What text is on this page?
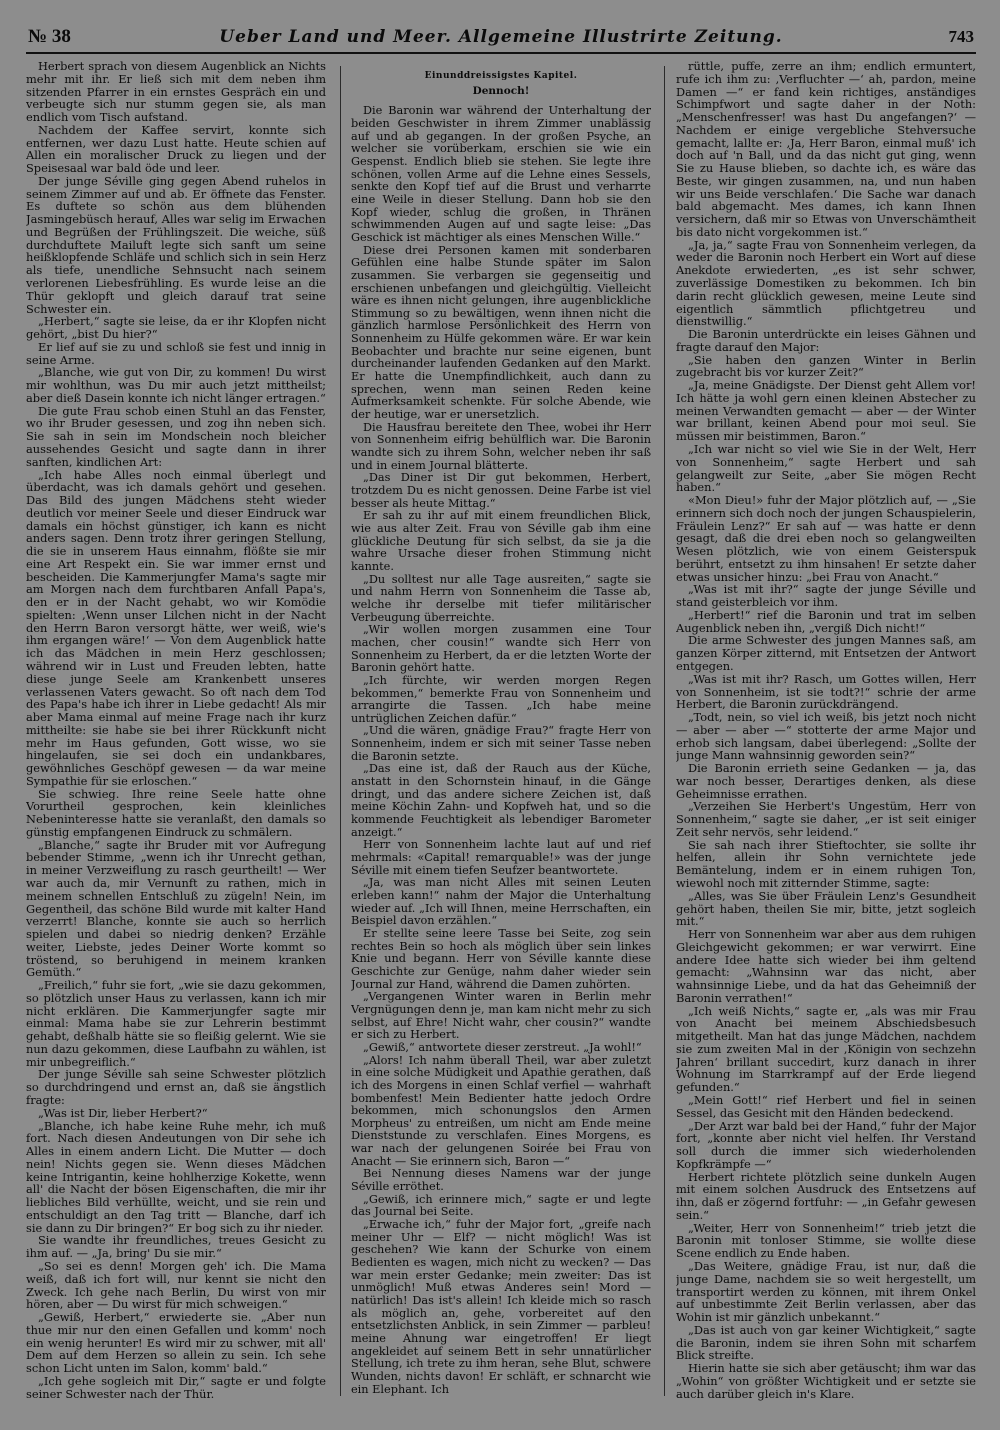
№ 38	Ueber Land und Meer. Allgemeine Illustrirte Zeitung.	743

Herbert sprach von diesem Augenblick an Nichts mehr mit ihr. Er ließ sich mit dem neben ihm sitzenden Pfarrer in ein ernstes Gespräch ein und verbeugte sich nur stumm gegen sie, als man endlich vom Tisch aufstand.

Nachdem der Kaffee servirt, konnte sich entfernen, wer dazu Lust hatte. Heute schien auf Allen ein moralischer Druck zu liegen und der Speisesaal war bald öde und leer.

Der junge Séville ging gegen Abend ruhelos in seinem Zimmer auf und ab. Er öffnete das Fenster. Es duftete so schön aus dem blühenden Jasmingebüsch herauf, Alles war selig im Erwachen und Begrüßen der Frühlingszeit. Die weiche, süß durchduftete Mailuft legte sich sanft um seine heißklopfende Schläfe und schlich sich in sein Herz als tiefe, unendliche Sehnsucht nach seinem verlorenen Liebesfrühling. Es wurde leise an die Thür geklopft und gleich darauf trat seine Schwester ein.

„Herbert,“ sagte sie leise, da er ihr Klopfen nicht gehört, „bist Du hier?“

Er lief auf sie zu und schloß sie fest und innig in seine Arme.

„Blanche, wie gut von Dir, zu kommen! Du wirst mir wohlthun, was Du mir auch jetzt mittheilst; aber dieß Dasein konnte ich nicht länger ertragen.“

Die gute Frau schob einen Stuhl an das Fenster, wo ihr Bruder gesessen, und zog ihn neben sich. Sie sah in sein im Mondschein noch bleicher aussehendes Gesicht und sagte dann in ihrer sanften, kindlichen Art:

„Ich habe Alles noch einmal überlegt und überdacht, was ich damals gehört und gesehen. Das Bild des jungen Mädchens steht wieder deutlich vor meiner Seele und dieser Eindruck war damals ein höchst günstiger, ich kann es nicht anders sagen. Denn trotz ihrer geringen Stellung, die sie in unserem Haus einnahm, flößte sie mir eine Art Respekt ein. Sie war immer ernst und bescheiden. Die Kammerjungfer Mama's sagte mir am Morgen nach dem furchtbaren Anfall Papa's, den er in der Nacht gehabt, wo wir Komödie spielten: ‚Wenn unser Lilchen nicht in der Nacht den Herrn Baron versorgt hätte, wer weiß, wie's ihm ergangen wäre!‘ — Von dem Augenblick hatte ich das Mädchen in mein Herz geschlossen; während wir in Lust und Freuden lebten, hatte diese junge Seele am Krankenbett unseres verlassenen Vaters gewacht. So oft nach dem Tod des Papa's habe ich ihrer in Liebe gedacht! Als mir aber Mama einmal auf meine Frage nach ihr kurz mittheilte: sie habe sie bei ihrer Rückkunft nicht mehr im Haus gefunden, Gott wisse, wo sie hingelaufen, sie sei doch ein undankbares, gewöhnliches Geschöpf gewesen — da war meine Sympathie für sie erloschen.“

Sie schwieg. Ihre reine Seele hatte ohne Vorurtheil gesprochen, kein kleinliches Nebeninteresse hatte sie veranlaßt, den damals so günstig empfangenen Eindruck zu schmälern.

„Blanche,“ sagte ihr Bruder mit vor Aufregung bebender Stimme, „wenn ich ihr Unrecht gethan, in meiner Verzweiflung zu rasch geurtheilt! — Wer war auch da, mir Vernunft zu rathen, mich in meinem schnellen Entschluß zu zügeln! Nein, im Gegentheil, das schöne Bild wurde mit kalter Hand verzerrt! Blanche, konnte sie auch so herrlich spielen und dabei so niedrig denken? Erzähle weiter, Liebste, jedes Deiner Worte kommt so tröstend, so beruhigend in meinem kranken Gemüth.“

„Freilich,“ fuhr sie fort, „wie sie dazu gekommen, so plötzlich unser Haus zu verlassen, kann ich mir nicht erklären. Die Kammerjungfer sagte mir einmal: Mama habe sie zur Lehrerin bestimmt gehabt, deßhalb hätte sie so fleißig gelernt. Wie sie nun dazu gekommen, diese Laufbahn zu wählen, ist mir unbegreiflich.“

Der junge Séville sah seine Schwester plötzlich so durchdringend und ernst an, daß sie ängstlich fragte:

„Was ist Dir, lieber Herbert?“

„Blanche, ich habe keine Ruhe mehr, ich muß fort. Nach diesen Andeutungen von Dir sehe ich Alles in einem andern Licht. Die Mutter — doch nein! Nichts gegen sie. Wenn dieses Mädchen keine Intrigantin, keine hohlherzige Kokette, wenn all' die Nacht der bösen Eigenschaften, die mir ihr liebliches Bild verhüllte, weicht, und sie rein und entschuldigt an den Tag tritt — Blanche, darf ich sie dann zu Dir bringen?“ Er bog sich zu ihr nieder.

Sie wandte ihr freundliches, treues Gesicht zu ihm auf. — „Ja, bring' Du sie mir.“

„So sei es denn! Morgen geh' ich. Die Mama weiß, daß ich fort will, nur kennt sie nicht den Zweck. Ich gehe nach Berlin, Du wirst von mir hören, aber — Du wirst für mich schweigen.“

„Gewiß, Herbert,“ erwiederte sie. „Aber nun thue mir nur den einen Gefallen und komm' noch ein wenig herunter! Es wird mir zu schwer, mit all' Dem auf dem Herzen so allein zu sein. Ich sehe schon Licht unten im Salon, komm' bald.“

„Ich gehe sogleich mit Dir,“ sagte er und folgte seiner Schwester nach der Thür.

Einunddreissigstes Kapitel.
Dennoch!

Die Baronin war während der Unterhaltung der beiden Geschwister in ihrem Zimmer unablässig auf und ab gegangen. In der großen Psyche, an welcher sie vorüberkam, erschien sie wie ein Gespenst. Endlich blieb sie stehen. Sie legte ihre schönen, vollen Arme auf die Lehne eines Sessels, senkte den Kopf tief auf die Brust und verharrte eine Weile in dieser Stellung. Dann hob sie den Kopf wieder, schlug die großen, in Thränen schwimmenden Augen auf und sagte leise: „Das Geschick ist mächtiger als eines Menschen Wille.“

Diese drei Personen kamen mit sonderbaren Gefühlen eine halbe Stunde später im Salon zusammen. Sie verbargen sie gegenseitig und erschienen unbefangen und gleichgültig. Vielleicht wäre es ihnen nicht gelungen, ihre augenblickliche Stimmung so zu bewältigen, wenn ihnen nicht die gänzlich harmlose Persönlichkeit des Herrn von Sonnenheim zu Hülfe gekommen wäre. Er war kein Beobachter und brachte nur seine eigenen, bunt durcheinander laufenden Gedanken auf den Markt. Er hatte die Unempfindlichkeit, auch dann zu sprechen, wenn man seinen Reden keine Aufmerksamkeit schenkte. Für solche Abende, wie der heutige, war er unersetzlich.

Die Hausfrau bereitete den Thee, wobei ihr Herr von Sonnenheim eifrig behülflich war. Die Baronin wandte sich zu ihrem Sohn, welcher neben ihr saß und in einem Journal blätterte.

„Das Diner ist Dir gut bekommen, Herbert, trotzdem Du es nicht genossen. Deine Farbe ist viel besser als heute Mittag.“

Er sah zu ihr auf mit einem freundlichen Blick, wie aus alter Zeit. Frau von Séville gab ihm eine glückliche Deutung für sich selbst, da sie ja die wahre Ursache dieser frohen Stimmung nicht kannte.

„Du solltest nur alle Tage ausreiten,“ sagte sie und nahm Herrn von Sonnenheim die Tasse ab, welche ihr derselbe mit tiefer militärischer Verbeugung überreichte.

„Wir wollen morgen zusammen eine Tour machen, cher cousin!“ wandte sich Herr von Sonnenheim zu Herbert, da er die letzten Worte der Baronin gehört hatte.

„Ich fürchte, wir werden morgen Regen bekommen,“ bemerkte Frau von Sonnenheim und arrangirte die Tassen. „Ich habe meine untrüglichen Zeichen dafür.“

„Und die wären, gnädige Frau?“ fragte Herr von Sonnenheim, indem er sich mit seiner Tasse neben die Baronin setzte.

„Das eine ist, daß der Rauch aus der Küche, anstatt in den Schornstein hinauf, in die Gänge dringt, und das andere sichere Zeichen ist, daß meine Köchin Zahn- und Kopfweh hat, und so die kommende Feuchtigkeit als lebendiger Barometer anzeigt.“

Herr von Sonnenheim lachte laut auf und rief mehrmals: «Capital! remarquable!» was der junge Séville mit einem tiefen Seufzer beantwortete.

„Ja, was man nicht Alles mit seinen Leuten erleben kann!“ nahm der Major die Unterhaltung wieder auf. „Ich will Ihnen, meine Herrschaften, ein Beispiel davon erzählen.“

Er stellte seine leere Tasse bei Seite, zog sein rechtes Bein so hoch als möglich über sein linkes Knie und begann. Herr von Séville kannte diese Geschichte zur Genüge, nahm daher wieder sein Journal zur Hand, während die Damen zuhörten.

„Vergangenen Winter waren in Berlin mehr Vergnügungen denn je, man kam nicht mehr zu sich selbst, auf Ehre! Nicht wahr, cher cousin?“ wandte er sich zu Herbert.

„Gewiß,“ antwortete dieser zerstreut. „Ja wohl!“

„Alors! Ich nahm überall Theil, war aber zuletzt in eine solche Müdigkeit und Apathie gerathen, daß ich des Morgens in einen Schlaf verfiel — wahrhaft bombenfest! Mein Bedienter hatte jedoch Ordre bekommen, mich schonungslos den Armen Morpheus' zu entreißen, um nicht am Ende meine Dienststunde zu verschlafen. Eines Morgens, es war nach der gelungenen Soirée bei Frau von Anacht — Sie erinnern sich, Baron —“

Bei Nennung dieses Namens war der junge Séville erröthet.

„Gewiß, ich erinnere mich,“ sagte er und legte das Journal bei Seite.

„Erwache ich,“ fuhr der Major fort, „greife nach meiner Uhr — Elf? — nicht möglich! Was ist geschehen? Wie kann der Schurke von einem Bedienten es wagen, mich nicht zu wecken? — Das war mein erster Gedanke; mein zweiter: Das ist unmöglich! Muß etwas Anderes sein! Mord — natürlich! Das ist's allein! Ich kleide mich so rasch als möglich an, gehe, vorbereitet auf den entsetzlichsten Anblick, in sein Zimmer — parbleu! meine Ahnung war eingetroffen! Er liegt angekleidet auf seinem Bett in sehr unnatürlicher Stellung, ich trete zu ihm heran, sehe Blut, schwere Wunden, nichts davon! Er schläft, er schnarcht wie ein Elephant. Ich

rüttle, puffe, zerre an ihm; endlich ermuntert, rufe ich ihm zu: ‚Verfluchter —‘ ah, pardon, meine Damen —“ er fand kein richtiges, anständiges Schimpfwort und sagte daher in der Noth: „Menschenfresser! was hast Du angefangen?‘ — Nachdem er einige vergebliche Stehversuche gemacht, lallte er: ‚Ja, Herr Baron, einmal muß' ich doch auf 'n Ball, und da das nicht gut ging, wenn Sie zu Hause blieben, so dachte ich, es wäre das Beste, wir gingen zusammen, na, und nun haben wir uns Beide verschlafen.‘ Die Sache war danach bald abgemacht. Mes dames, ich kann Ihnen versichern, daß mir so Etwas von Unverschämtheit bis dato nicht vorgekommen ist.“

„Ja, ja,“ sagte Frau von Sonnenheim verlegen, da weder die Baronin noch Herbert ein Wort auf diese Anekdote erwiederten, „es ist sehr schwer, zuverlässige Domestiken zu bekommen. Ich bin darin recht glücklich gewesen, meine Leute sind eigentlich sämmtlich pflichtgetreu und dienstwillig.“

Die Baronin unterdrückte ein leises Gähnen und fragte darauf den Major:

„Sie haben den ganzen Winter in Berlin zugebracht bis vor kurzer Zeit?“

„Ja, meine Gnädigste. Der Dienst geht Allem vor! Ich hätte ja wohl gern einen kleinen Abstecher zu meinen Verwandten gemacht — aber — der Winter war brillant, keinen Abend pour moi seul. Sie müssen mir beistimmen, Baron.“

„Ich war nicht so viel wie Sie in der Welt, Herr von Sonnenheim,“ sagte Herbert und sah gelangweilt zur Seite, „aber Sie mögen Recht haben.“

«Mon Dieu!» fuhr der Major plötzlich auf, — „Sie erinnern sich doch noch der jungen Schauspielerin, Fräulein Lenz?“ Er sah auf — was hatte er denn gesagt, daß die drei eben noch so gelangweilten Wesen plötzlich, wie von einem Geisterspuk berührt, entsetzt zu ihm hinsahen! Er setzte daher etwas unsicher hinzu: „bei Frau von Anacht.“

„Was ist mit ihr?“ sagte der junge Séville und stand geisterbleich vor ihm.

„Herbert!“ rief die Baronin und trat im selben Augenblick neben ihn, „vergiß Dich nicht!“

Die arme Schwester des jungen Mannes saß, am ganzen Körper zitternd, mit Entsetzen der Antwort entgegen.

„Was ist mit ihr? Rasch, um Gottes willen, Herr von Sonnenheim, ist sie todt?!“ schrie der arme Herbert, die Baronin zurückdrängend.

„Todt, nein, so viel ich weiß, bis jetzt noch nicht — aber — aber —“ stotterte der arme Major und erhob sich langsam, dabei überlegend: „Sollte der junge Mann wahnsinnig geworden sein?“

Die Baronin errieth seine Gedanken — ja, das war noch besser, Derartiges denken, als diese Geheimnisse errathen.

„Verzeihen Sie Herbert's Ungestüm, Herr von Sonnenheim,“ sagte sie daher, „er ist seit einiger Zeit sehr nervös, sehr leidend.“

Sie sah nach ihrer Stieftochter, sie sollte ihr helfen, allein ihr Sohn vernichtete jede Bemäntelung, indem er in einem ruhigen Ton, wiewohl noch mit zitternder Stimme, sagte:

„Alles, was Sie über Fräulein Lenz's Gesundheit gehört haben, theilen Sie mir, bitte, jetzt sogleich mit.“

Herr von Sonnenheim war aber aus dem ruhigen Gleichgewicht gekommen; er war verwirrt. Eine andere Idee hatte sich wieder bei ihm geltend gemacht: „Wahnsinn war das nicht, aber wahnsinnige Liebe, und da hat das Geheimniß der Baronin verrathen!“

„Ich weiß Nichts,“ sagte er, „als was mir Frau von Anacht bei meinem Abschiedsbesuch mitgetheilt. Man hat das junge Mädchen, nachdem sie zum zweiten Mal in der ‚Königin von sechzehn Jahren‘ brillant succedirt, kurz danach in ihrer Wohnung im Starrkrampf auf der Erde liegend gefunden.“

„Mein Gott!“ rief Herbert und fiel in seinen Sessel, das Gesicht mit den Händen bedeckend.

„Der Arzt war bald bei der Hand,“ fuhr der Major fort, „konnte aber nicht viel helfen. Ihr Verstand soll durch die immer sich wiederholenden Kopfkrämpfe —“

Herbert richtete plötzlich seine dunkeln Augen mit einem solchen Ausdruck des Entsetzens auf ihn, daß er zögernd fortfuhr: — „in Gefahr gewesen sein.“

„Weiter, Herr von Sonnenheim!“ trieb jetzt die Baronin mit tonloser Stimme, sie wollte diese Scene endlich zu Ende haben.

„Das Weitere, gnädige Frau, ist nur, daß die junge Dame, nachdem sie so weit hergestellt, um transportirt werden zu können, mit ihrem Onkel auf unbestimmte Zeit Berlin verlassen, aber das Wohin ist mir gänzlich unbekannt.“

„Das ist auch von gar keiner Wichtigkeit,“ sagte die Baronin, indem sie ihren Sohn mit scharfem Blick streifte.

Hierin hatte sie sich aber getäuscht; ihm war das „Wohin“ von größter Wichtigkeit und er setzte sie auch darüber gleich in's Klare.
